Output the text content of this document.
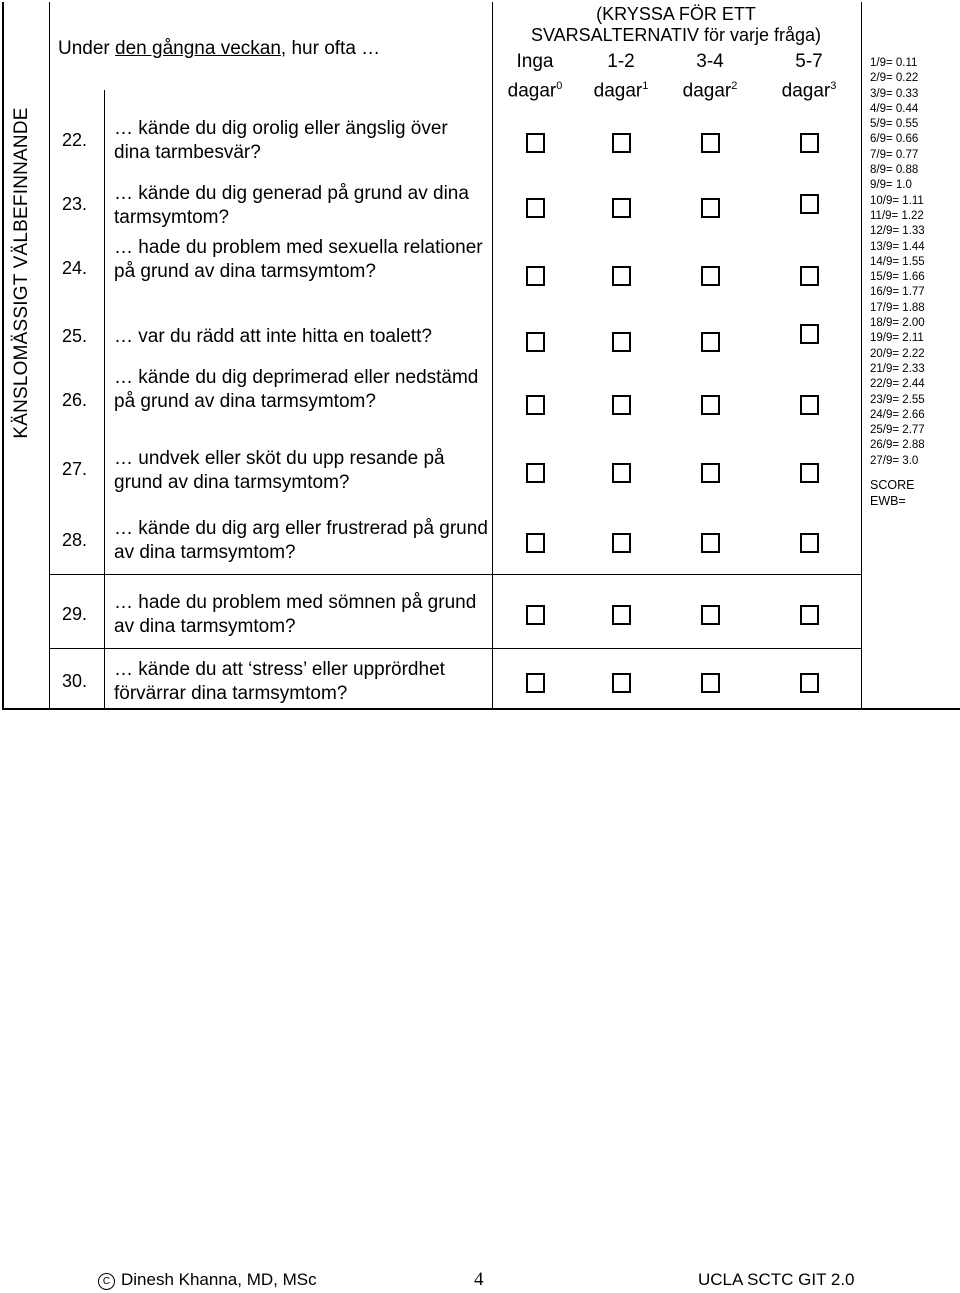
KÄNSLOMÄSSIGT VÄLBEFINNANDE
Under den gångna veckan, hur ofta …
(KRYSSA FÖR ETT
SVARSALTERNATIV för varje fråga)
Inga
dagar$^0$
1-2
dagar$^1$
3-4
dagar$^2$
5-7
dagar$^3$
22.
… kände du dig orolig eller ängslig över dina tarmbesvär?
23. … kände du dig generad på grund av dina tarmsymtom?
24.
… hade du problem med sexuella relationer på grund av dina tarmsymtom?
25. … var du rädd att inte hitta en toalett?
26.
… kände du dig deprimerad eller nedstämd på grund av dina tarmsymtom?
27. … undvek eller sköt du upp resande på grund av dina tarmsymtom?
28.
… kände du dig arg eller frustrerad på grund av dina tarmsymtom?
29.
… hade du problem med sömnen på grund av dina tarmsymtom?
30.
… kände du att ‘stress’ eller upprördhet förvärrar dina tarmsymtom?
1/9= 0.11
2/9= 0.22
3/9= 0.33
4/9= 0.44
5/9= 0.55
6/9= 0.66
7/9= 0.77
8/9= 0.88
9/9= 1.0
10/9= 1.11
11/9= 1.22
12/9= 1.33
13/9= 1.44
14/9= 1.55
15/9= 1.66
16/9= 1.77
17/9= 1.88
18/9= 2.00
19/9= 2.11
20/9= 2.22
21/9= 2.33
22/9= 2.44
23/9= 2.55
24/9= 2.66
25/9= 2.77
26/9= 2.88
27/9= 3.0
SCORE
EWB=
C Dinesh Khanna, MD, MSc	4	UCLA SCTC GIT 2.0
